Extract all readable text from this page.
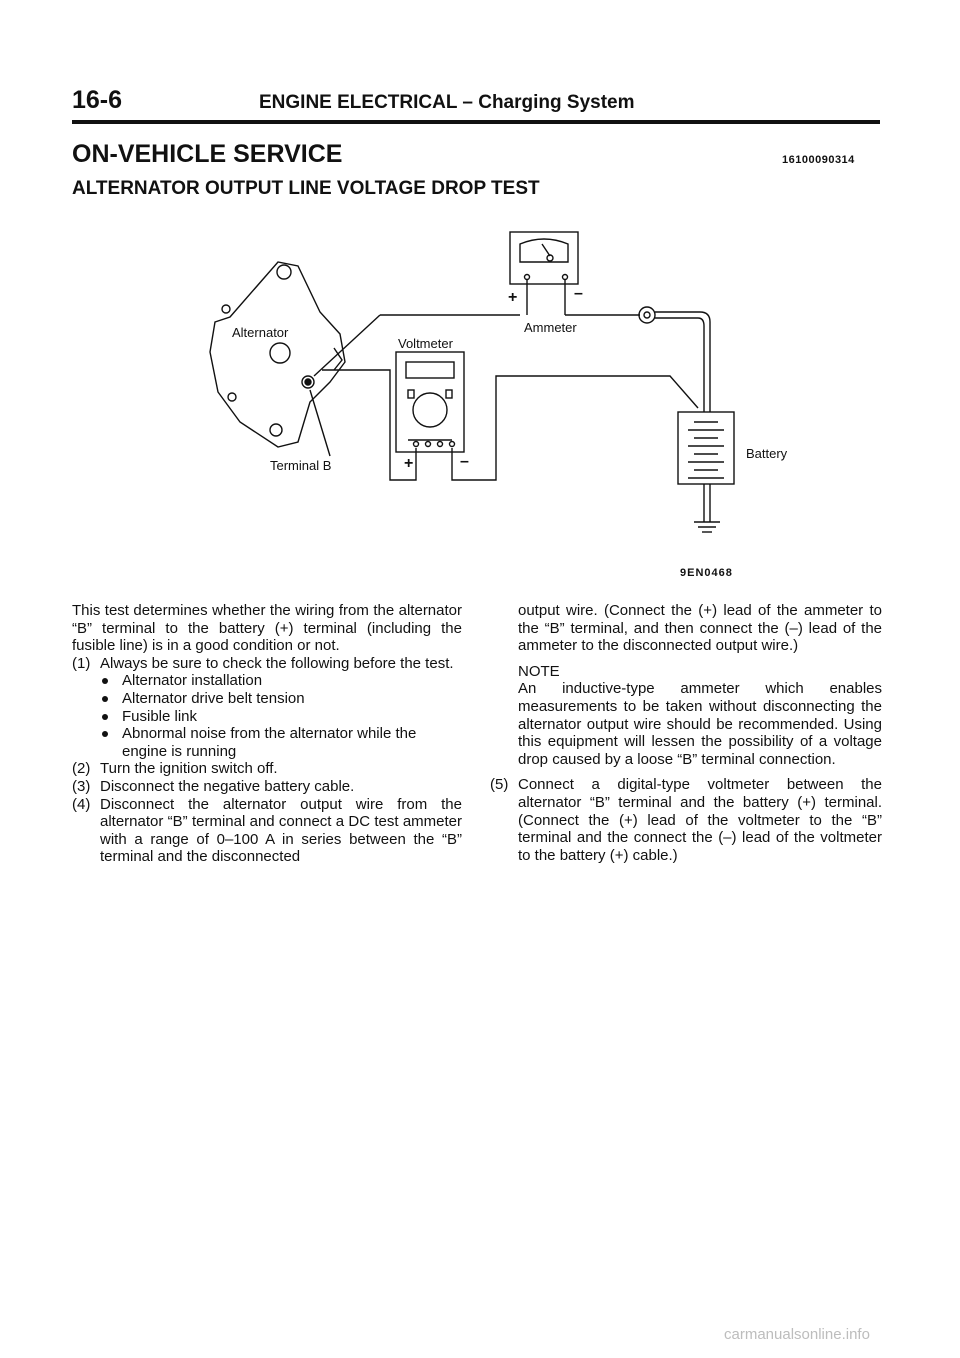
16-6	ENGINE ELECTRICAL – Charging System
ON-VEHICLE SERVICE	16100090314
ALTERNATOR OUTPUT LINE VOLTAGE DROP TEST
Alternator
Voltmeter
Ammeter
Terminal B
Battery
+	–
+	–
9EN0468

This test determines whether the wiring from the alternator “B” terminal to the battery (+) terminal (including the fusible line) is in a good condition or not.

(1) Always be sure to check the following before the test.
Alternator installation
Alternator drive belt tension
Fusible link
Abnormal noise from the alternator while the engine is running
(2) Turn the ignition switch off.
(3) Disconnect the negative battery cable.
(4) Disconnect the alternator output wire from the alternator “B” terminal and connect a DC test ammeter with a range of 0–100 A in series between the “B” terminal and the disconnected

output wire. (Connect the (+) lead of the ammeter to the “B” terminal, and then connect the (–) lead of the ammeter to the disconnected output wire.)

NOTE

An inductive-type ammeter which enables measurements to be taken without disconnecting the alternator output wire should be recommended. Using this equipment will lessen the possibility of a voltage drop caused by a loose “B” terminal connection.

(5) Connect a digital-type voltmeter between the alternator “B” terminal and the battery (+) terminal. (Connect the (+) lead of the voltmeter to the “B” terminal and the connect the (–) lead of the voltmeter to the battery (+) cable.)
carmanualsonline.info
